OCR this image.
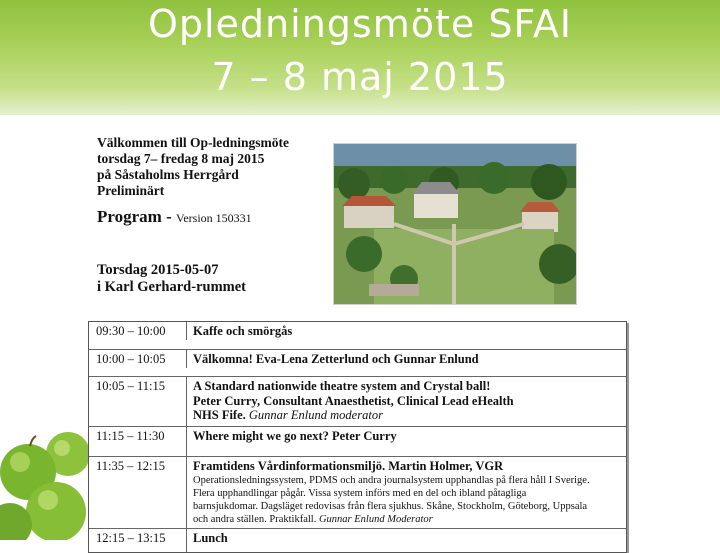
Opledningsmöte SFAI
7 – 8 maj 2015
Välkommen till Op-ledningsmöte
torsdag 7– fredag 8 maj 2015
på Såstaholms Herrgård
Preliminärt
Program - Version 150331
Torsdag 2015-05-07
i Karl Gerhard-rummet
09:30 – 10:00 Kaffe och smörgås
10:00 – 10:05 Välkomna! Eva-Lena Zetterlund och Gunnar Enlund
10:05 – 11:15 A Standard nationwide theatre system and Crystal ball!
Peter Curry, Consultant Anaesthetist, Clinical Lead eHealth
NHS Fife. Gunnar Enlund moderator
11:15 – 11:30 Where might we go next? Peter Curry
11:35 – 12:15 Framtidens Vårdinformationsmiljö. Martin Holmer, VGR
Operationsledningssystem, PDMS och andra journalsystem upphandlas på flera håll I Sverige.
Flera upphandlingar pågår. Vissa system införs med en del och ibland påtagliga
barnsjukdomar. Dagsläget redovisas från flera sjukhus. Skåne, Stockholm, Göteborg, Uppsala
och andra ställen. Praktikfall. Gunnar Enlund Moderator
12:15 – 13:15 Lunch
